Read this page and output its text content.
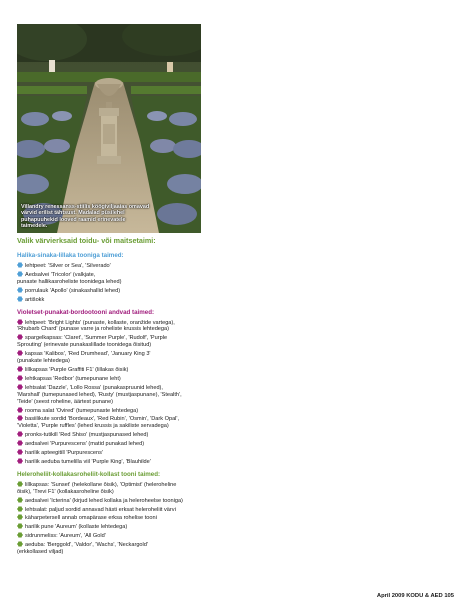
Villandry renessanss-stiilis köögiviljaaias omavad värvid erilist tähtsust. Madalad püsilehel puhapuuhekid looved raamid erinevatele taimedele.
Valik värvierksaid toidu- või maitsetaimi:
Halika-sinaka-lillaka tooniga taimed:
lehtpeet: 'Silver or Sea', 'Silverado'
Aedsalvei 'Tricolor' (valkjate,
punaste hallikasroheliste toonidega lehed)
porrulauk 'Apollo' (sinakashallid lehed)
artišokk
Violetset-punakat-bordootooni andvad taimed:
lehtpeet: 'Bright Lights' (punaste, kollaste, oranžide vartega),
'Rhubarb Chard' (punase varre ja roheliste krussis lehtedega)
spargelkapsas: 'Claret', 'Summer Purple', 'Rudolf', 'Purple
Sprouting' (erinevate punakaslillade toonidega õisitud)
kapsas 'Kalibos', 'Red Drumhead', 'January King 3'
(punakate lehtedega)
lillkapsas 'Purple Graffiti F1' (lillakas õisik)
lehtkapsas 'Redbor' (tumepunane leht)
lehtsalat 'Dazzle', 'Lollo Rossa' (punakaspruunid lehed),
'Marshall' (tumepunased lehed), 'Rusty' (mustjaspunane), 'Stealth',
'Teide' (seest roheline, äärtest punane)
rooma salat 'Ovired' (tumepunaste lehtedega)
basiilikute sordid 'Bordeaux', 'Red Rubin', 'Osmin', 'Dark Opal',
'Violetta', 'Purple ruffles' (lehed krussis ja sakiliste servadega)
pronks-tutikill 'Red Shiso' (mustjaspunased lehed)
aedsalvei 'Purpurescens' (matid punakad lehed)
harilik apteegitill 'Purpurescens'
harilik aeduba tumelilla viil 'Purple King', 'Blauhilde'
Heleroheliit-kollakasroheliit-kollast tooni taimed:
lillkapsas: 'Sunset' (helekollane õisik), 'Optimist' (heleroheline
õisik), 'Trevi F1' (kollakasroheline õisik)
aedsalvei 'Icterina' (kirjud lehed kollaka ja heleroheelse tooniga)
lehtsalat: paljud sordid annavad hästi erksat heleroheliit värvi
käharpetersell annab omapärase erksa rohelise tooni
harilik pune 'Aureum' (kollaste lehtedega)
sidrunmeliss: 'Aureum', 'All Gold'
aeduba: 'Berggold', 'Valdor', 'Wachs', 'Neckargold'
(erkkollased viljad)
April 2009 KODU & AED 105
